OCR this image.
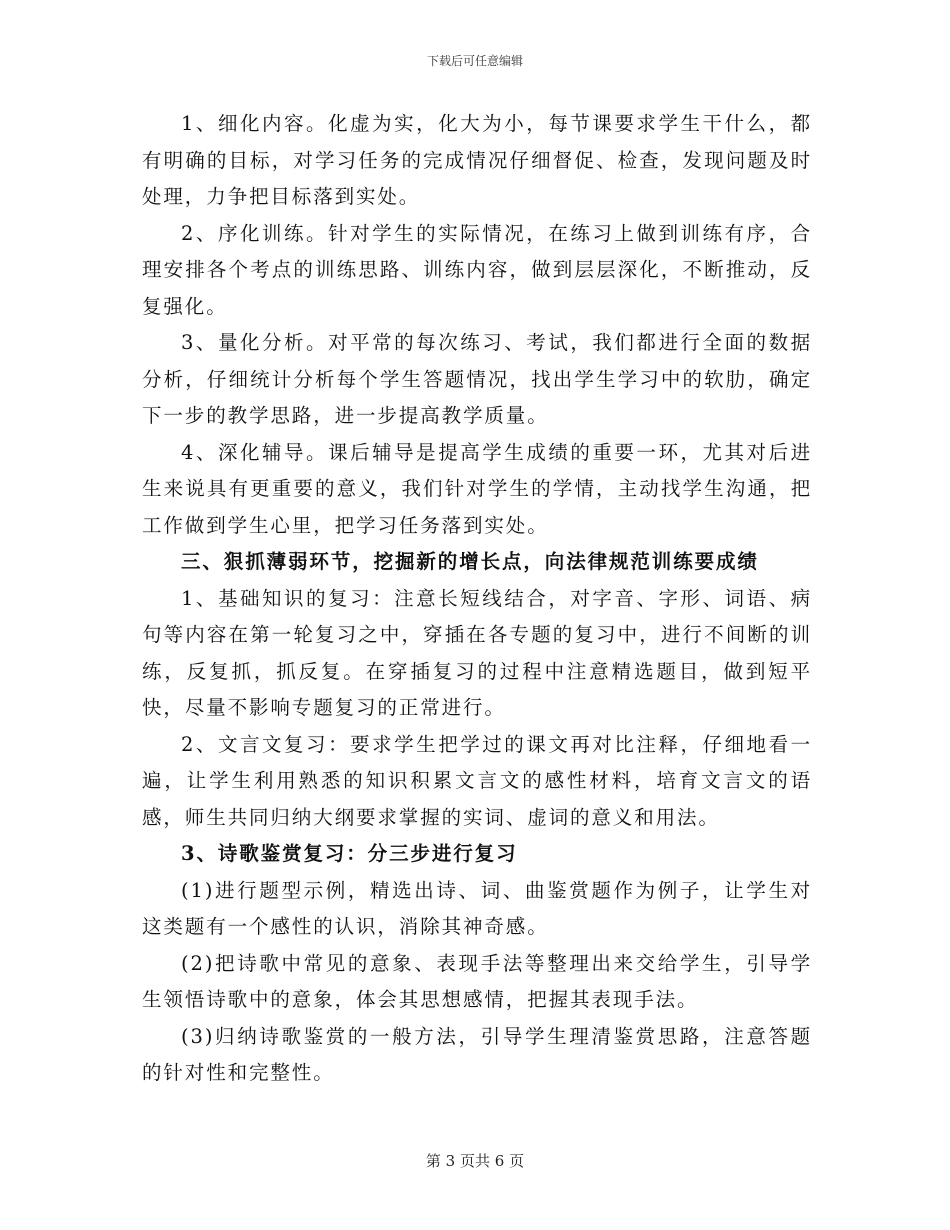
下载后可任意编辑

1、细化内容。化虚为实，化大为小，每节课要求学生干什么，都有明确的目标，对学习任务的完成情况仔细督促、检查，发现问题及时处理，力争把目标落到实处。

2、序化训练。针对学生的实际情况，在练习上做到训练有序，合理安排各个考点的训练思路、训练内容，做到层层深化，不断推动，反复强化。

3、量化分析。对平常的每次练习、考试，我们都进行全面的数据分析，仔细统计分析每个学生答题情况，找出学生学习中的软肋，确定下一步的教学思路，进一步提高教学质量。

4、深化辅导。课后辅导是提高学生成绩的重要一环，尤其对后进生来说具有更重要的意义，我们针对学生的学情，主动找学生沟通，把工作做到学生心里，把学习任务落到实处。

三、狠抓薄弱环节，挖掘新的增长点，向法律规范训练要成绩

1、基础知识的复习：注意长短线结合，对字音、字形、词语、病句等内容在第一轮复习之中，穿插在各专题的复习中，进行不间断的训练，反复抓，抓反复。在穿插复习的过程中注意精选题目，做到短平快，尽量不影响专题复习的正常进行。

2、文言文复习：要求学生把学过的课文再对比注释，仔细地看一遍，让学生利用熟悉的知识积累文言文的感性材料，培育文言文的语感，师生共同归纳大纲要求掌握的实词、虚词的意义和用法。

3、诗歌鉴赏复习：分三步进行复习

(1)进行题型示例，精选出诗、词、曲鉴赏题作为例子，让学生对这类题有一个感性的认识，消除其神奇感。

(2)把诗歌中常见的意象、表现手法等整理出来交给学生，引导学生领悟诗歌中的意象，体会其思想感情，把握其表现手法。

(3)归纳诗歌鉴赏的一般方法，引导学生理清鉴赏思路，注意答题的针对性和完整性。

第 3 页共 6 页
